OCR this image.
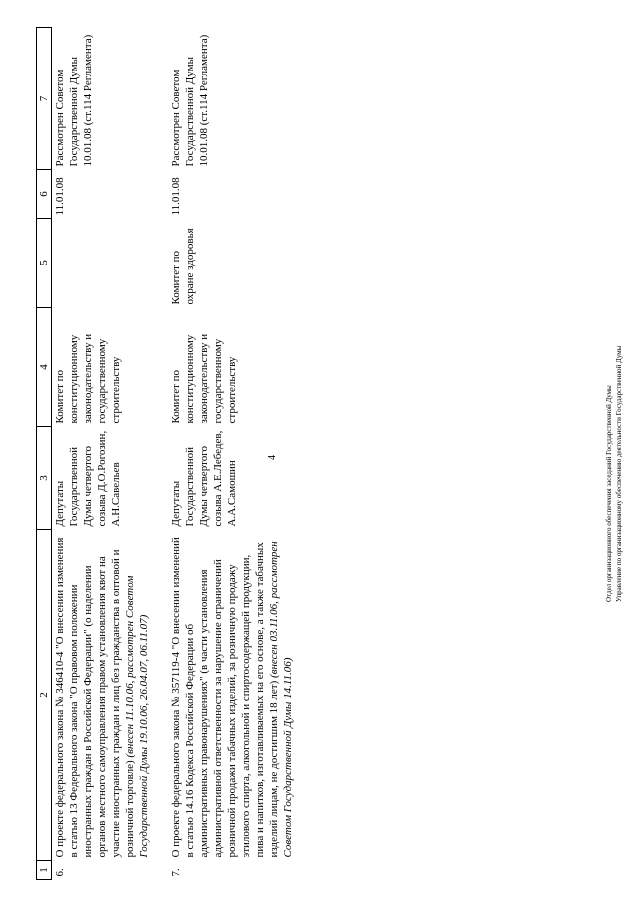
4
1	2	3	4	5	6	7
6.	О проекте федерального закона № 346410-4 "О внесении изменения в статью 13 Федерального закона "О правовом положении иностранных граждан в Российской Федерации" (о наделении органов местного самоуправления правом установления квот на участие иностранных граждан и лиц без гражданства в оптовой и розничной торговле) (внесен 11.10.06, рассмотрен Советом Государственной Думы 19.10.06, 26.04.07, 06.11.07)	Депутаты Государственной Думы четвертого созыва Д.О.Рогозин, А.Н.Савельев	Комитет по конституционному законодательству и государственному строительству		11.01.08	Рассмотрен Советом Государственной Думы 10.01.08 (ст.114 Регламента)

7.	О проекте федерального закона № 357119-4 "О внесении изменений в статью 14.16 Кодекса Российской Федерации об административных правонарушениях" (в части установления административной ответственности за нарушение ограничений розничной продажи табачных изделий, за розничную продажу этилового спирта, алкогольной и спиртосодержащей продукции, пива и напитков, изготавливаемых на его основе, а также табачных изделий лицам, не достигшим 18 лет) (внесен 03.11.06, рассмотрен Советом Государственной Думы 14.11.06)	Депутаты Государственной Думы четвертого созыва А.Е.Лебедев, А.А.Самошин	Комитет по конституционному законодательству и государственному строительству	Комитет по охране здоровья	11.01.08	Рассмотрен Советом Государственной Думы 10.01.08 (ст.114 Регламента)
Отдел организационного обеспечения заседаний Государственной Думы Управление по организационному обеспечению деятельности Государственной Думы
